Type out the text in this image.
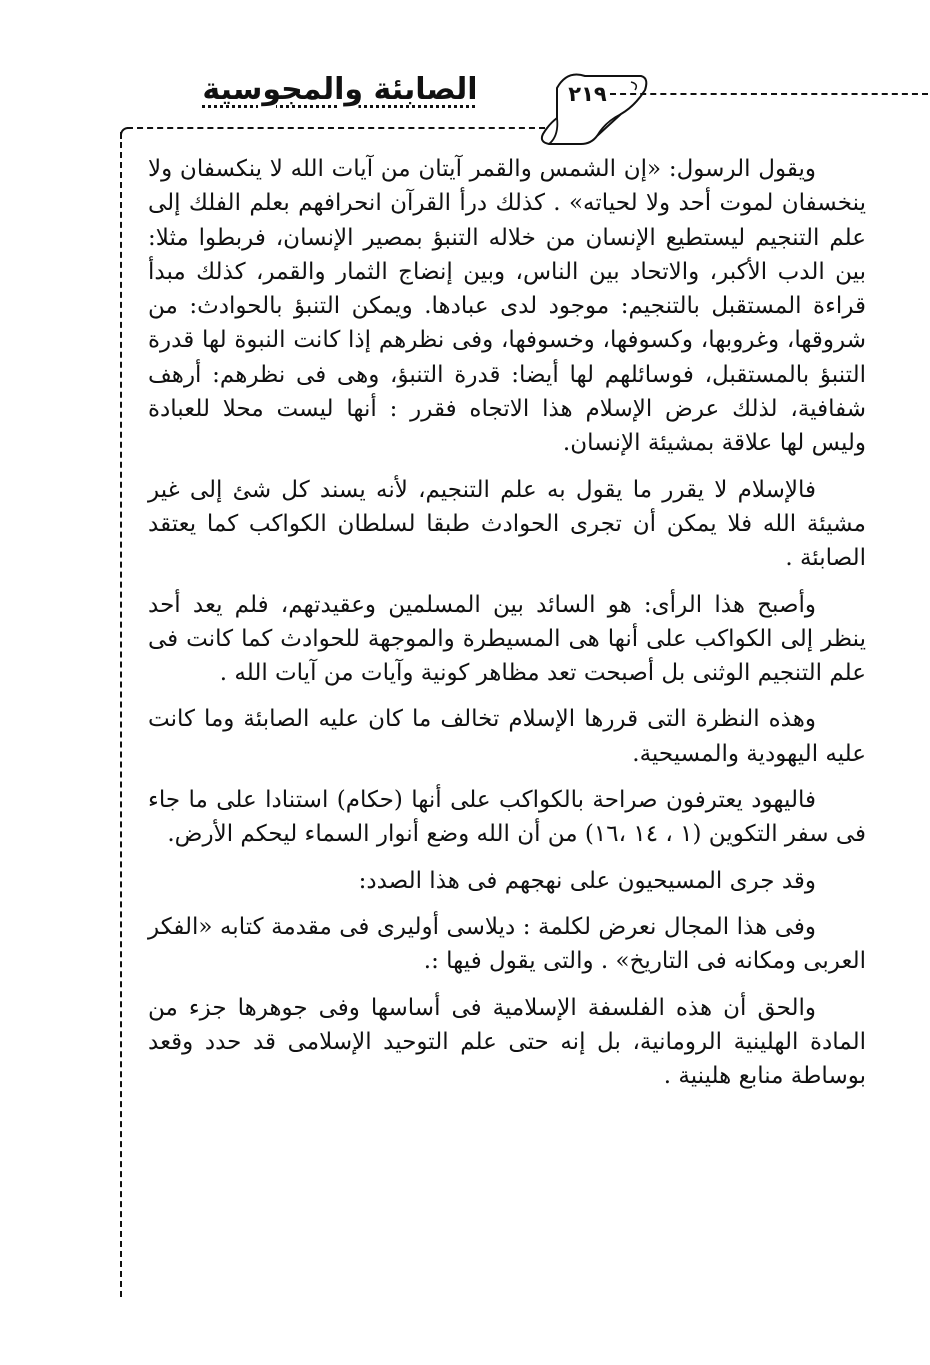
الصابئة والمجوسية	٢١٩

ويقول الرسول: «إن الشمس والقمر آيتان من آيات الله لا ينكسفان ولا ينخسفان لموت أحد ولا لحياته» . كذلك درأ القرآن انحرافهم بعلم الفلك إلى علم التنجيم ليستطيع الإنسان من خلاله التنبؤ بمصير الإنسان، فربطوا مثلا: بين الدب الأكبر، والاتحاد بين الناس، وبين إنضاج الثمار والقمر، كذلك مبدأ قراءة المستقبل بالتنجيم: موجود لدى عبادها. ويمكن التنبؤ بالحوادث: من شروقها، وغروبها، وكسوفها، وخسوفها، وفى نظرهم إذا كانت النبوة لها قدرة التنبؤ بالمستقبل، فوسائلهم لها أيضا: قدرة التنبؤ، وهى فى نظرهم: أرهف شفافية، لذلك عرض الإسلام هذا الاتجاه فقرر : أنها ليست محلا للعبادة وليس لها علاقة بمشيئة الإنسان.

فالإسلام لا يقرر ما يقول به علم التنجيم، لأنه يسند كل شئ إلى غير مشيئة الله فلا يمكن أن تجرى الحوادث طبقا لسلطان الكواكب كما يعتقد الصابئة .

وأصبح هذا الرأى: هو السائد بين المسلمين وعقيدتهم، فلم يعد أحد ينظر إلى الكواكب على أنها هى المسيطرة والموجهة للحوادث كما كانت فى علم التنجيم الوثنى بل أصبحت تعد مظاهر كونية وآيات من آيات الله .

وهذه النظرة التى قررها الإسلام تخالف ما كان عليه الصابئة وما كانت عليه اليهودية والمسيحية.

فاليهود يعترفون صراحة بالكواكب على أنها (حكام) استنادا على ما جاء فى سفر التكوين (١ ، ١٤ ،١٦) من أن الله وضع أنوار السماء ليحكم الأرض.

وقد جرى المسيحيون على نهجهم فى هذا الصدد:

وفى هذا المجال نعرض لكلمة : ديلاسى أوليرى فى مقدمة كتابه «الفكر العربى ومكانه فى التاريخ» . والتى يقول فيها :.

والحق أن هذه الفلسفة الإسلامية فى أساسها وفى جوهرها جزء من المادة الهلينية الرومانية، بل إنه حتى علم التوحيد الإسلامى قد حدد وقعد بوساطة منابع هلينية .
